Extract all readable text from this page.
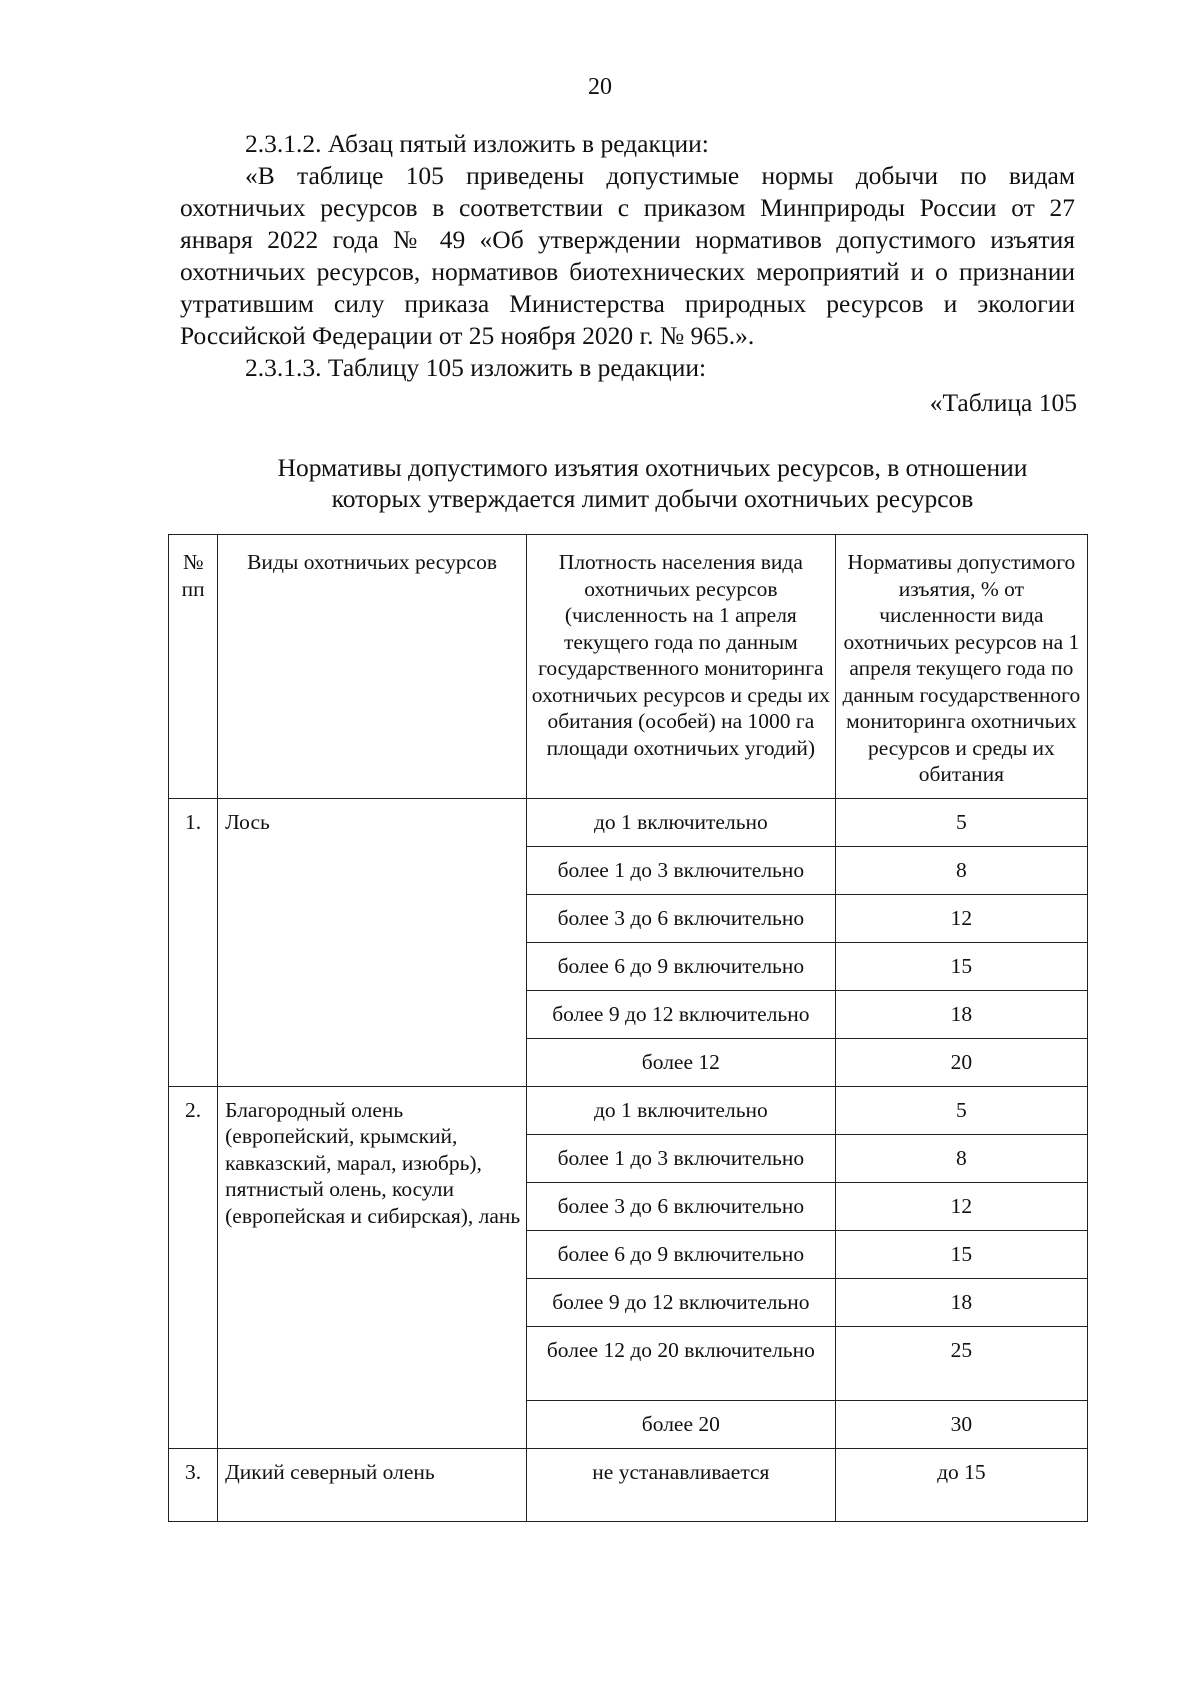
20

2.3.1.2. Абзац пятый изложить в редакции:

«В таблице 105 приведены допустимые нормы добычи по видам охотничьих ресурсов в соответствии с приказом Минприроды России от 27 января 2022 года № 49 «Об утверждении нормативов допустимого изъятия охотничьих ресурсов, нормативов биотехнических мероприятий и о признании утратившим силу приказа Министерства природных ресурсов и экологии Российской Федерации от 25 ноября 2020 г. № 965.».

2.3.1.3. Таблицу 105 изложить в редакции:

«Таблица 105
Нормативы допустимого изъятия охотничьих ресурсов, в отношении
которых утверждается лимит добычи охотничьих ресурсов
№ пп	Виды охотничьих ресурсов	Плотность населения вида охотничьих ресурсов (численность на 1 апреля текущего года по данным государственного мониторинга охотничьих ресурсов и среды их обитания (особей) на 1000 га площади охотничьих угодий)	Нормативы допустимого изъятия, % от численности вида охотничьих ресурсов на 1 апреля текущего года по данным государственного мониторинга охотничьих ресурсов и среды их обитания
1.	Лось	до 1 включительно	5
		более 1 до 3 включительно	8
		более 3 до 6 включительно	12
		более 6 до 9 включительно	15
		более 9 до 12 включительно	18
		более 12	20
2.	Благородный олень (европейский, крымский, кавказский, марал, изюбрь), пятнистый олень, косули (европейская и сибирская), лань	до 1 включительно	5
		более 1 до 3 включительно	8
		более 3 до 6 включительно	12
		более 6 до 9 включительно	15
		более 9 до 12 включительно	18
		более 12 до 20 включительно	25
		более 20	30
3.	Дикий северный олень	не устанавливается	до 15
